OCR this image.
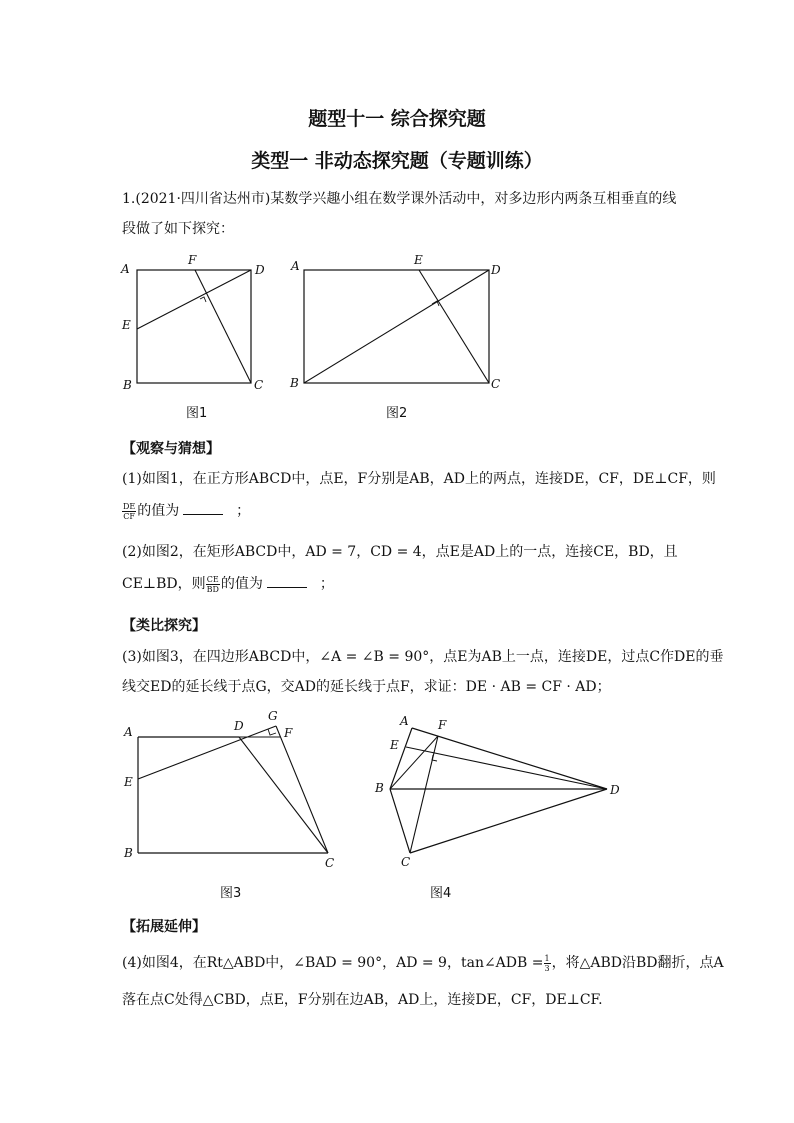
题型十一 综合探究题
类型一 非动态探究题（专题训练）
1.(2021·四川省达州市)某数学兴趣小组在数学课外活动中，对多边形内两条互相垂直的线
段做了如下探究：
A
F
D
E
B	C
图1
A	E
D
B	C
图2
【观察与猜想】
(1)如图1，在正方形ABCD中，点E，F分别是AB，AD上的两点，连接DE，CF，DE⊥CF，则
$\frac{DE}{CF}$ 的值为	；
(2)如图2，在矩形ABCD中，AD = 7，CD = 4，点E是AD上的一点，连接CE，BD，且
CE⊥BD，则 $\frac{CE}{BD}$ 的值为	；
【类比探究】
(3)如图3，在四边形ABCD中，∠A = ∠B = 90°，点E为AB上一点，连接DE，过点C作DE的垂
线交ED的延长线于点G，交AD的延长线于点F，求证：DE · AB = CF · AD；
A	D
G
F
E
B
C
图3
A F
E
B	D
C
图4
【拓展延伸】
(4)如图4，在Rt△ABD中，∠BAD = 90°，AD = 9，tan∠ADB = $\frac{1}{3}$ ，将△ABD沿BD翻折，点A
落在点C处得△CBD，点E，F分别在边AB，AD上，连接DE，CF，DE⊥CF.
